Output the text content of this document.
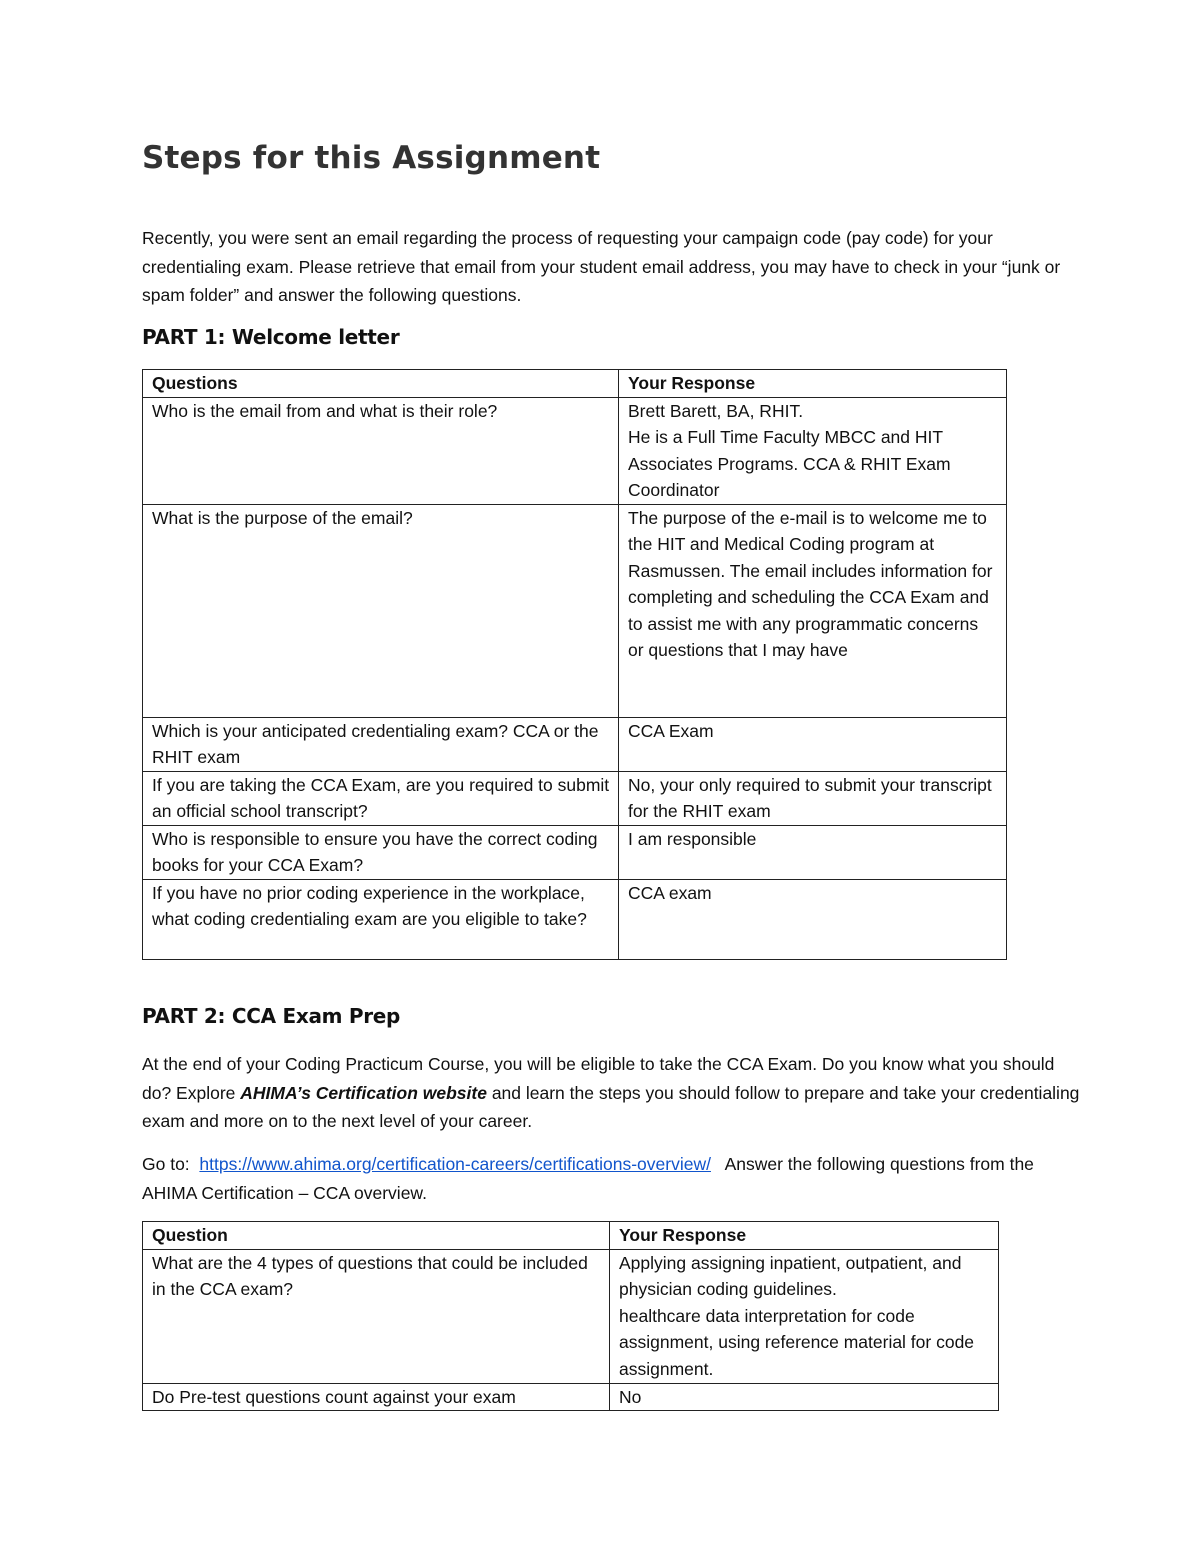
Steps for this Assignment

Recently, you were sent an email regarding the process of requesting your campaign code (pay code) for your credentialing exam. Please retrieve that email from your student email address, you may have to check in your “junk or spam folder” and answer the following questions.

PART 1: Welcome letter
Questions	Your Response
Who is the email from and what is their role?	Brett Barett, BA, RHIT.
He is a Full Time Faculty MBCC and HIT Associates Programs. CCA & RHIT Exam Coordinator
What is the purpose of the email?	The purpose of the e-mail is to welcome me to the HIT and Medical Coding program at Rasmussen. The email includes information for completing and scheduling the CCA Exam and to assist me with any programmatic concerns or questions that I may have
Which is your anticipated credentialing exam? CCA or the RHIT exam	CCA Exam
If you are taking the CCA Exam, are you required to submit an official school transcript?	No, your only required to submit your transcript for the RHIT exam
Who is responsible to ensure you have the correct coding books for your CCA Exam?	I am responsible
If you have no prior coding experience in the workplace, what coding credentialing exam are you eligible to take?	CCA exam
PART 2: CCA Exam Prep

At the end of your Coding Practicum Course, you will be eligible to take the CCA Exam. Do you know what you should do? Explore AHIMA’s Certification website and learn the steps you should follow to prepare and take your credentialing exam and more on to the next level of your career.

Go to:  https://www.ahima.org/certification-careers/certifications-overview/   Answer the following questions from the AHIMA Certification – CCA overview.

Question	Your Response
What are the 4 types of questions that could be included in the CCA exam?	Applying assigning inpatient, outpatient, and physician coding guidelines.
healthcare data interpretation for code assignment, using reference material for code assignment.
Do Pre-test questions count against your exam	No
